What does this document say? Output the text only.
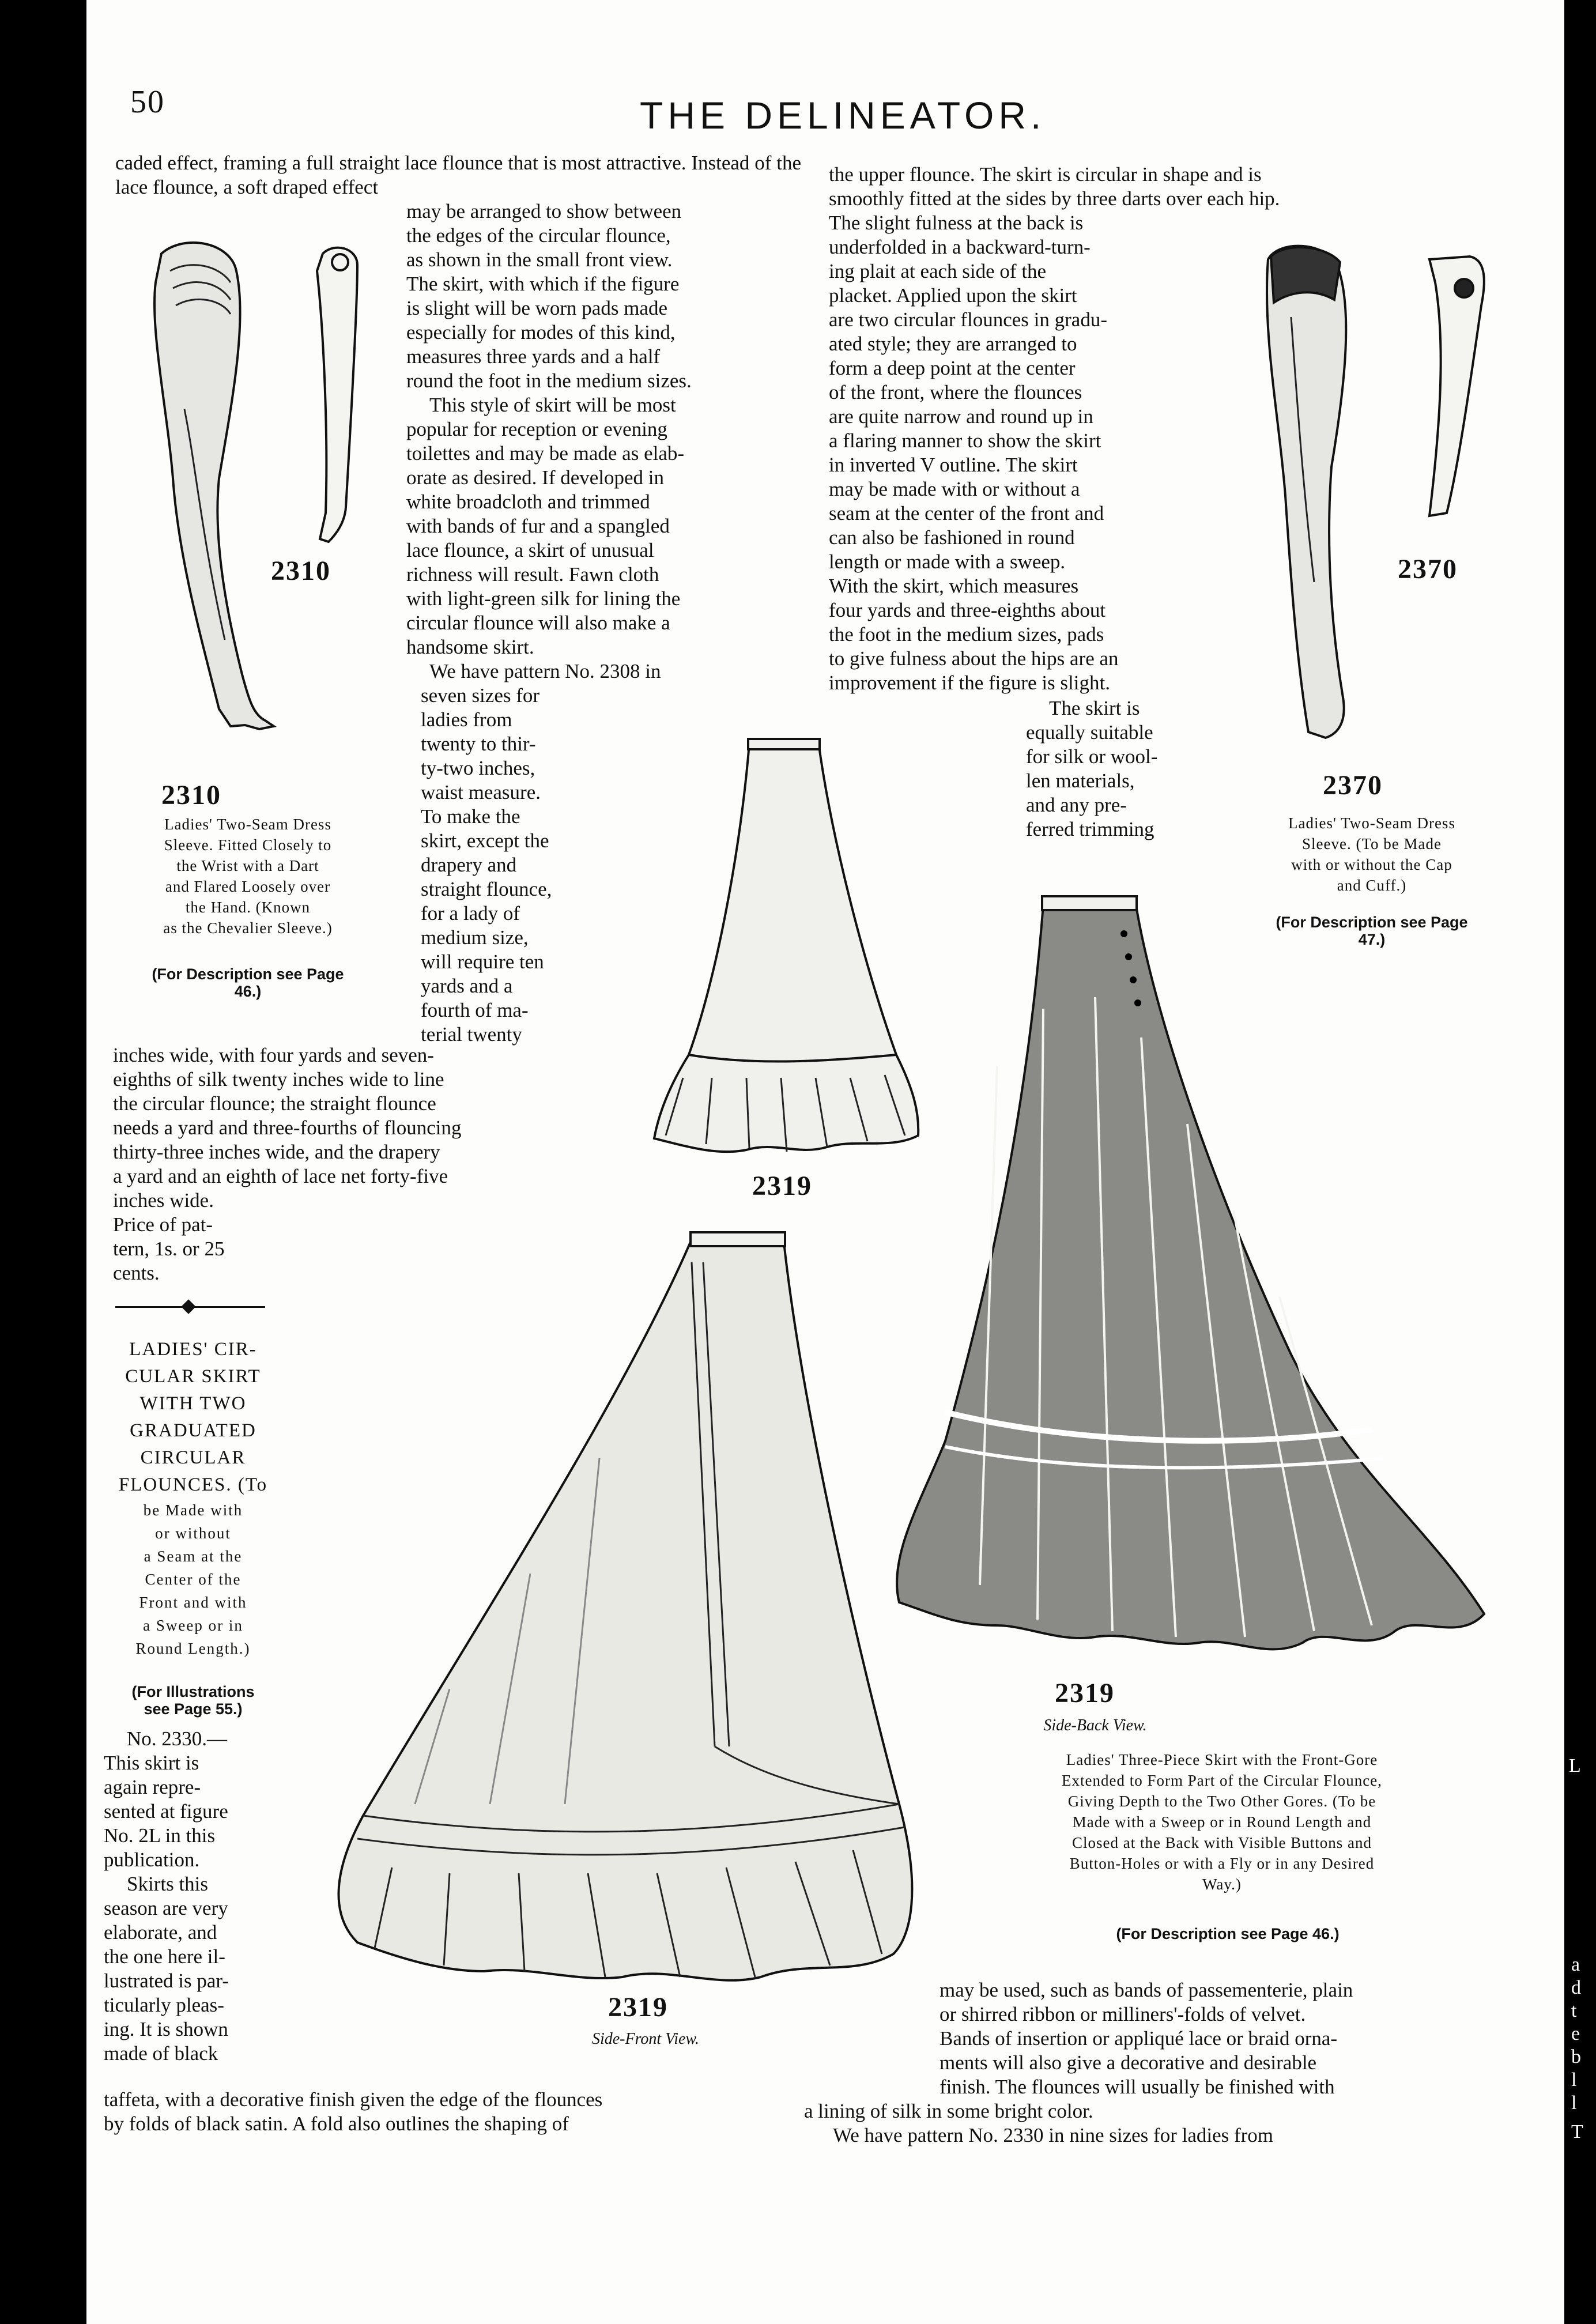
L
a
d
t
e
b
l
l
T
50	THE DELINEATOR.
caded effect, framing a full straight lace flounce that is most attractive. Instead of the lace flounce, a soft draped effect

may be arranged to show between

the edges of the circular flounce,

as shown in the small front view.

The skirt, with which if the figure

is slight will be worn pads made

especially for modes of this kind,

measures three yards and a half

round the foot in the medium sizes.

This style of skirt will be most

popular for reception or evening

toilettes and may be made as elab-

orate as desired. If developed in

white broadcloth and trimmed

with bands of fur and a spangled

lace flounce, a skirt of unusual

richness will result. Fawn cloth

with light-green silk for lining the

circular flounce will also make a

handsome skirt.

We have pattern No. 2308 in

seven sizes for

ladies from

twenty to thir-

ty-two inches,

waist measure.

To make the

skirt, except the

drapery and

straight flounce,

for a lady of

medium size,

will require ten

yards and a

fourth of ma-

terial twenty

inches wide, with four yards and seven-

eighths of silk twenty inches wide to line

the circular flounce; the straight flounce

needs a yard and three-fourths of flouncing

thirty-three inches wide, and the drapery

a yard and an eighth of lace net forty-five

inches wide.

Price of pat-

tern, 1s. or 25

cents.

the upper flounce. The skirt is circular in shape and is

smoothly fitted at the sides by three darts over each hip.

The slight fulness at the back is

underfolded in a backward-turn-

ing plait at each side of the

placket. Applied upon the skirt

are two circular flounces in gradu-

ated style; they are arranged to

form a deep point at the center

of the front, where the flounces

are quite narrow and round up in

a flaring manner to show the skirt

in inverted V outline. The skirt

may be made with or without a

seam at the center of the front and

can also be fashioned in round

length or made with a sweep.

With the skirt, which measures

four yards and three-eighths about

the foot in the medium sizes, pads

to give fulness about the hips are an

improvement if the figure is slight.

The skirt is

equally suitable

for silk or wool-

len materials,

and any pre-

ferred trimming

2310
2310
Ladies' Two-Seam Dress
Sleeve. Fitted Closely to
the Wrist with a Dart
and Flared Loosely over
the Hand. (Known
as the Chevalier Sleeve.)
(For Description see Page
46.)
2370
2370
Ladies' Two-Seam Dress
Sleeve. (To be Made
with or without the Cap
and Cuff.)
(For Description see Page
47.)
2319
2319
Side-Back View.
Ladies' Three-Piece Skirt with the Front-Gore
Extended to Form Part of the Circular Flounce,
Giving Depth to the Two Other Gores. (To be
Made with a Sweep or in Round Length and
Closed at the Back with Visible Buttons and
Button-Holes or with a Fly or in any Desired
Way.)
(For Description see Page 46.)
2319
Side-Front View.
LADIES' CIR-
CULAR SKIRT
WITH TWO
GRADUATED
CIRCULAR
FLOUNCES. (To
be Made with
or without
a Seam at the
Center of the
Front and with
a Sweep or in
Round Length.)
(For Illustrations
see Page 55.)

No. 2330.—

This skirt is

again repre-

sented at figure

No. 2L in this

publication.

Skirts this

season are very

elaborate, and

the one here il-

lustrated is par-

ticularly pleas-

ing. It is shown

made of black

taffeta, with a decorative finish given the edge of the flounces

by folds of black satin. A fold also outlines the shaping of

may be used, such as bands of passementerie, plain

or shirred ribbon or milliners'-folds of velvet.

Bands of insertion or appliqué lace or braid orna-

ments will also give a decorative and desirable

finish. The flounces will usually be finished with

a lining of silk in some bright color.

We have pattern No. 2330 in nine sizes for ladies from
